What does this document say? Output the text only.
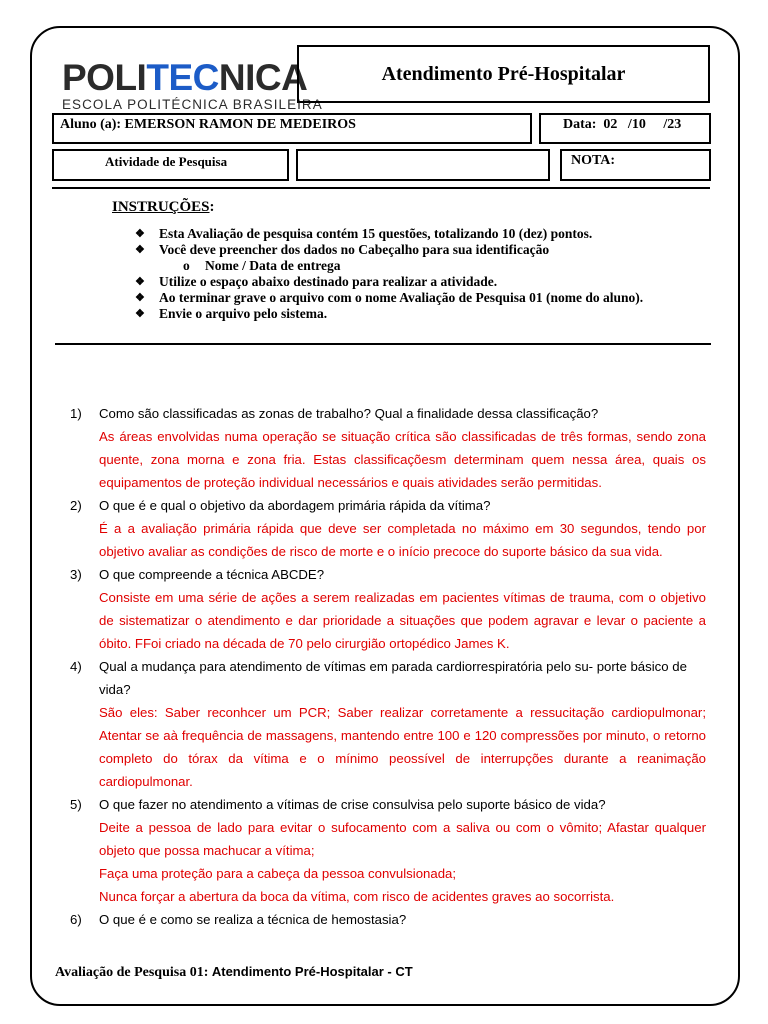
POLITECNICA
ESCOLA POLITÉCNICA BRASILEIRA
Atendimento Pré-Hospitalar
Aluno (a): EMERSON RAMON DE MEDEIROS	Data:  02   /10     /23
Atividade de Pesquisa	NOTA:
INSTRUÇÕES:
❖	Esta Avaliação de pesquisa contém 15 questões, totalizando 10 (dez) pontos.
❖	Você deve preencher dos dados no Cabeçalho para sua identificação
o Nome / Data de entrega
❖	Utilize o espaço abaixo destinado para realizar a atividade.
❖	Ao terminar grave o arquivo com o nome Avaliação de Pesquisa 01 (nome do aluno).
❖	Envie o arquivo pelo sistema.
1)	Como são classificadas as zonas de trabalho? Qual a finalidade dessa classificação?
As áreas envolvidas numa operação se situação crítica são classificadas de três formas, sendo zona quente, zona morna e zona fria. Estas classificaçõesm determinam quem nessa área, quais os equipamentos de proteção individual necessários e quais atividades serão permitidas.
2)	O que é e qual o objetivo da abordagem primária rápida da vítima?
É a a avaliação primária rápida que deve ser completada no máximo em 30 segundos, tendo por objetivo avaliar as condições de risco de morte e o início precoce do suporte básico da sua vida.
3)	O que compreende a técnica ABCDE?
Consiste em uma série de ações a serem realizadas em pacientes vítimas de trauma, com o objetivo de sistematizar o atendimento e dar prioridade a situações que podem agravar e levar o paciente a óbito. FFoi criado na década de 70 pelo cirurgião ortopédico James K.
4)	Qual a mudança para atendimento de vítimas em parada cardiorrespiratória pelo su- porte básico de vida?
São eles: Saber reconhcer um PCR; Saber realizar corretamente a ressucitação cardiopulmonar; Atentar se aà frequência de massagens, mantendo entre 100 e 120 compressões por minuto, o retorno completo do tórax da vítima e o mínimo peossível de interrupções durante a reanimação cardiopulmonar.
5)	O que fazer no atendimento a vítimas de crise consulvisa pelo suporte básico de vida?
Deite a pessoa de lado para evitar o sufocamento com a saliva ou com o vômito; Afastar qualquer objeto que possa machucar a vítima;
Faça uma proteção para a cabeça da pessoa convulsionada;
Nunca forçar a abertura da boca da vítima, com risco de acidentes graves ao socorrista.
6)	O que é e como se realiza a técnica de hemostasia?
Avaliação de Pesquisa 01: Atendimento Pré-Hospitalar - CT
